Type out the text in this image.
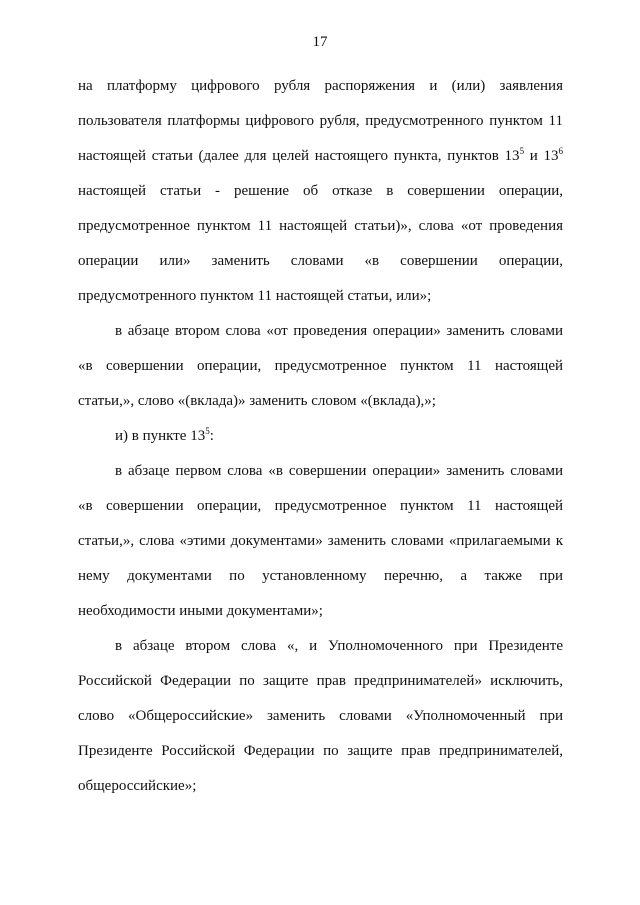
17

на платформу цифрового рубля распоряжения и (или) заявления пользователя платформы цифрового рубля, предусмотренного пунктом 11 настоящей статьи (далее для целей настоящего пункта, пунктов $13^5$ и $13^6$ настоящей статьи - решение об отказе в совершении операции, предусмотренное пунктом 11 настоящей статьи)», слова «от проведения операции или» заменить словами «в совершении операции, предусмотренного пунктом 11 настоящей статьи, или»;

в абзаце втором слова «от проведения операции» заменить словами «в совершении операции, предусмотренное пунктом 11 настоящей статьи,», слово «(вклада)» заменить словом «(вклада),»;

и) в пункте $13^5$:

в абзаце первом слова «в совершении операции» заменить словами «в совершении операции, предусмотренное пунктом 11 настоящей статьи,», слова «этими документами» заменить словами «прилагаемыми к нему документами по установленному перечню, а также при необходимости иными документами»;

в абзаце втором слова «, и Уполномоченного при Президенте Российской Федерации по защите прав предпринимателей» исключить, слово «Общероссийские» заменить словами «Уполномоченный при Президенте Российской Федерации по защите прав предпринимателей, общероссийские»;
